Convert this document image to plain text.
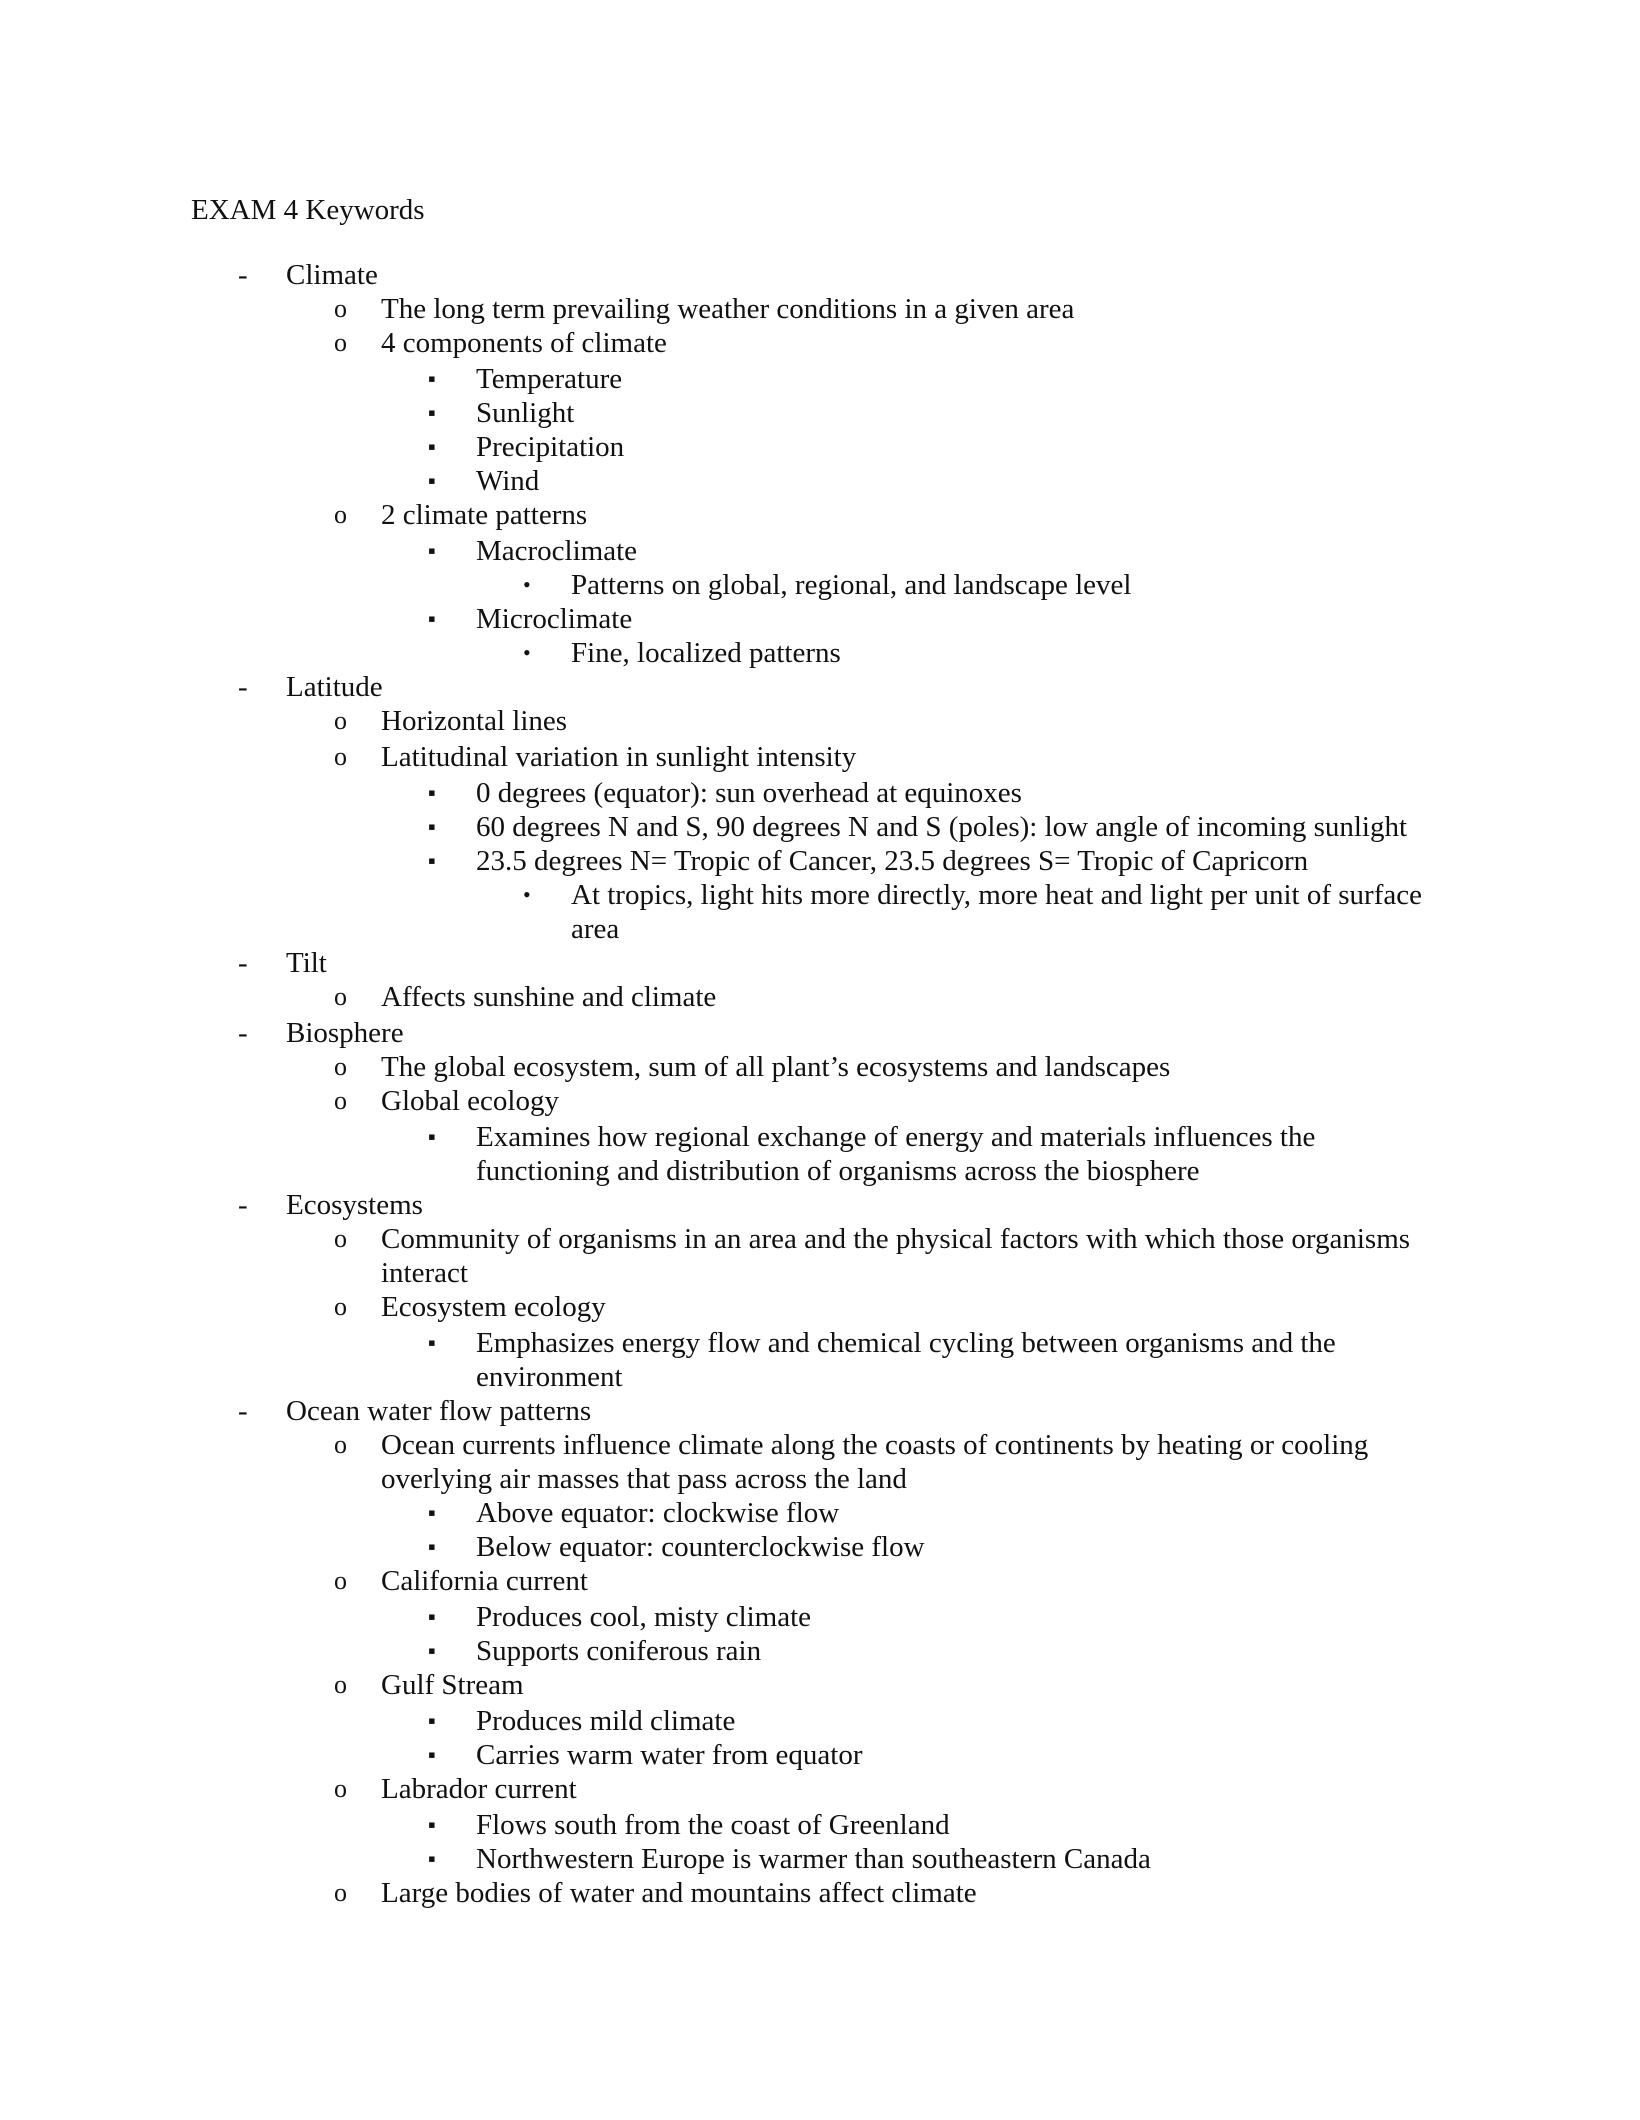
EXAM 4 Keywords
- Climate
o The long term prevailing weather conditions in a given area
o 4 components of climate
▪ Temperature
▪ Sunlight
▪ Precipitation
▪ Wind
o 2 climate patterns
▪ Macroclimate
• Patterns on global, regional, and landscape level
▪ Microclimate
• Fine, localized patterns
- Latitude
o Horizontal lines
o Latitudinal variation in sunlight intensity
▪ 0 degrees (equator): sun overhead at equinoxes
▪ 60 degrees N and S, 90 degrees N and S (poles): low angle of incoming sunlight
▪ 23.5 degrees N= Tropic of Cancer, 23.5 degrees S= Tropic of Capricorn
• At tropics, light hits more directly, more heat and light per unit of surface
area
- Tilt
o Affects sunshine and climate
- Biosphere
o The global ecosystem, sum of all plant’s ecosystems and landscapes
o Global ecology
▪ Examines how regional exchange of energy and materials influences the
functioning and distribution of organisms across the biosphere
- Ecosystems
o Community of organisms in an area and the physical factors with which those organisms
interact
o Ecosystem ecology
▪ Emphasizes energy flow and chemical cycling between organisms and the
environment
- Ocean water flow patterns
o Ocean currents influence climate along the coasts of continents by heating or cooling
overlying air masses that pass across the land
▪ Above equator: clockwise flow
▪ Below equator: counterclockwise flow
o California current
▪ Produces cool, misty climate
▪ Supports coniferous rain
o Gulf Stream
▪ Produces mild climate
▪ Carries warm water from equator
o Labrador current
▪ Flows south from the coast of Greenland
▪ Northwestern Europe is warmer than southeastern Canada
o Large bodies of water and mountains affect climate
